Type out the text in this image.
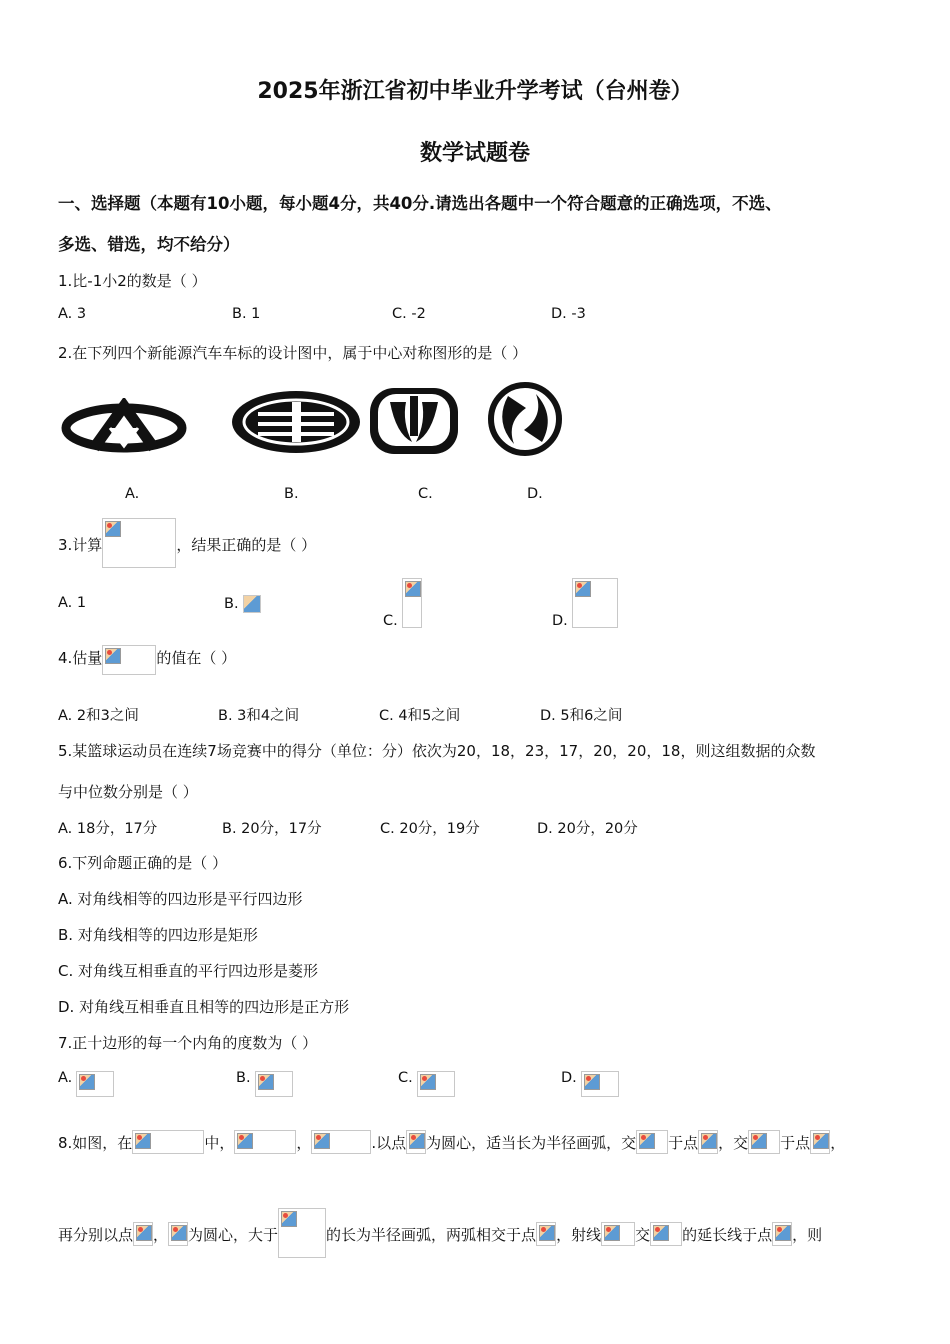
2025年浙江省初中毕业升学考试（台州卷）
数学试题卷
一、选择题（本题有10小题，每小题4分，共40分.请选出各题中一个符合题意的正确选项，不选、
多选、错选，均不给分）
1.比-1小2的数是（ ）
A. 3	B. 1	C. -2	D. -3
2.在下列四个新能源汽车车标的设计图中，属于中心对称图形的是（ ）
A.	B.	C.	D.
3.计算	，结果正确的是（ ）
A. 1	B.
C.	D.
4.估量	的值在（ ）
A. 2和3之间	B. 3和4之间	C. 4和5之间	D. 5和6之间
5.某篮球运动员在连续7场竞赛中的得分（单位：分）依次为20，18，23，17，20，20，18，则这组数据的众数
与中位数分别是（ ）
A. 18分，17分	B. 20分，17分	C. 20分，19分	D. 20分，20分
6.下列命题正确的是（ ）
A. 对角线相等的四边形是平行四边形
B. 对角线相等的四边形是矩形
C. 对角线互相垂直的平行四边形是菱形
D. 对角线互相垂直且相等的四边形是正方形
7.正十边形的每一个内角的度数为（ ）
A.	B.	C.	D.
8.如图，在	中，	，	.以点 为圆心，适当长为半径画弧，交 于点 ，交 于点 ，
再分别以点 ， 为圆心，大于	的长为半径画弧，两弧相交于点 ，射线 交 的延长线于点 ，则
